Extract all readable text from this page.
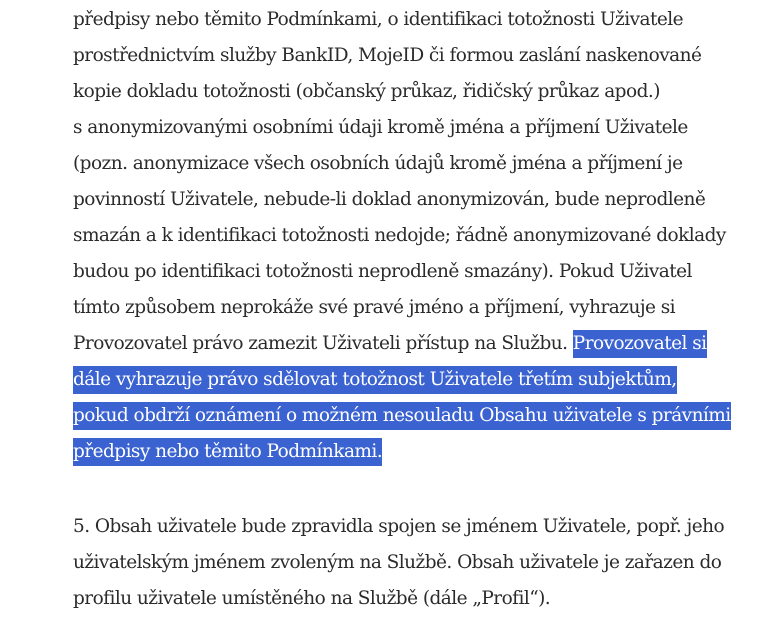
předpisy nebo těmito Podmínkami, o identifikaci totožnosti Uživatele
prostřednictvím služby BankID, MojeID či formou zaslání naskenované
kopie dokladu totožnosti (občanský průkaz, řidičský průkaz apod.)
s anonymizovanými osobními údaji kromě jména a příjmení Uživatele
(pozn. anonymizace všech osobních údajů kromě jména a příjmení je
povinností Uživatele, nebude-li doklad anonymizován, bude neprodleně
smazán a k identifikaci totožnosti nedojde; řádně anonymizované doklady
budou po identifikaci totožnosti neprodleně smazány). Pokud Uživatel
tímto způsobem neprokáže své pravé jméno a příjmení, vyhrazuje si
Provozovatel právo zamezit Uživateli přístup na Službu. Provozovatel si
dále vyhrazuje právo sdělovat totožnost Uživatele třetím subjektům,
pokud obdrží oznámení o možném nesouladu Obsahu uživatele s právními
předpisy nebo těmito Podmínkami.

5. Obsah uživatele bude zpravidla spojen se jménem Uživatele, popř. jeho
uživatelským jménem zvoleným na Službě. Obsah uživatele je zařazen do
profilu uživatele umístěného na Službě (dále „Profil“).
